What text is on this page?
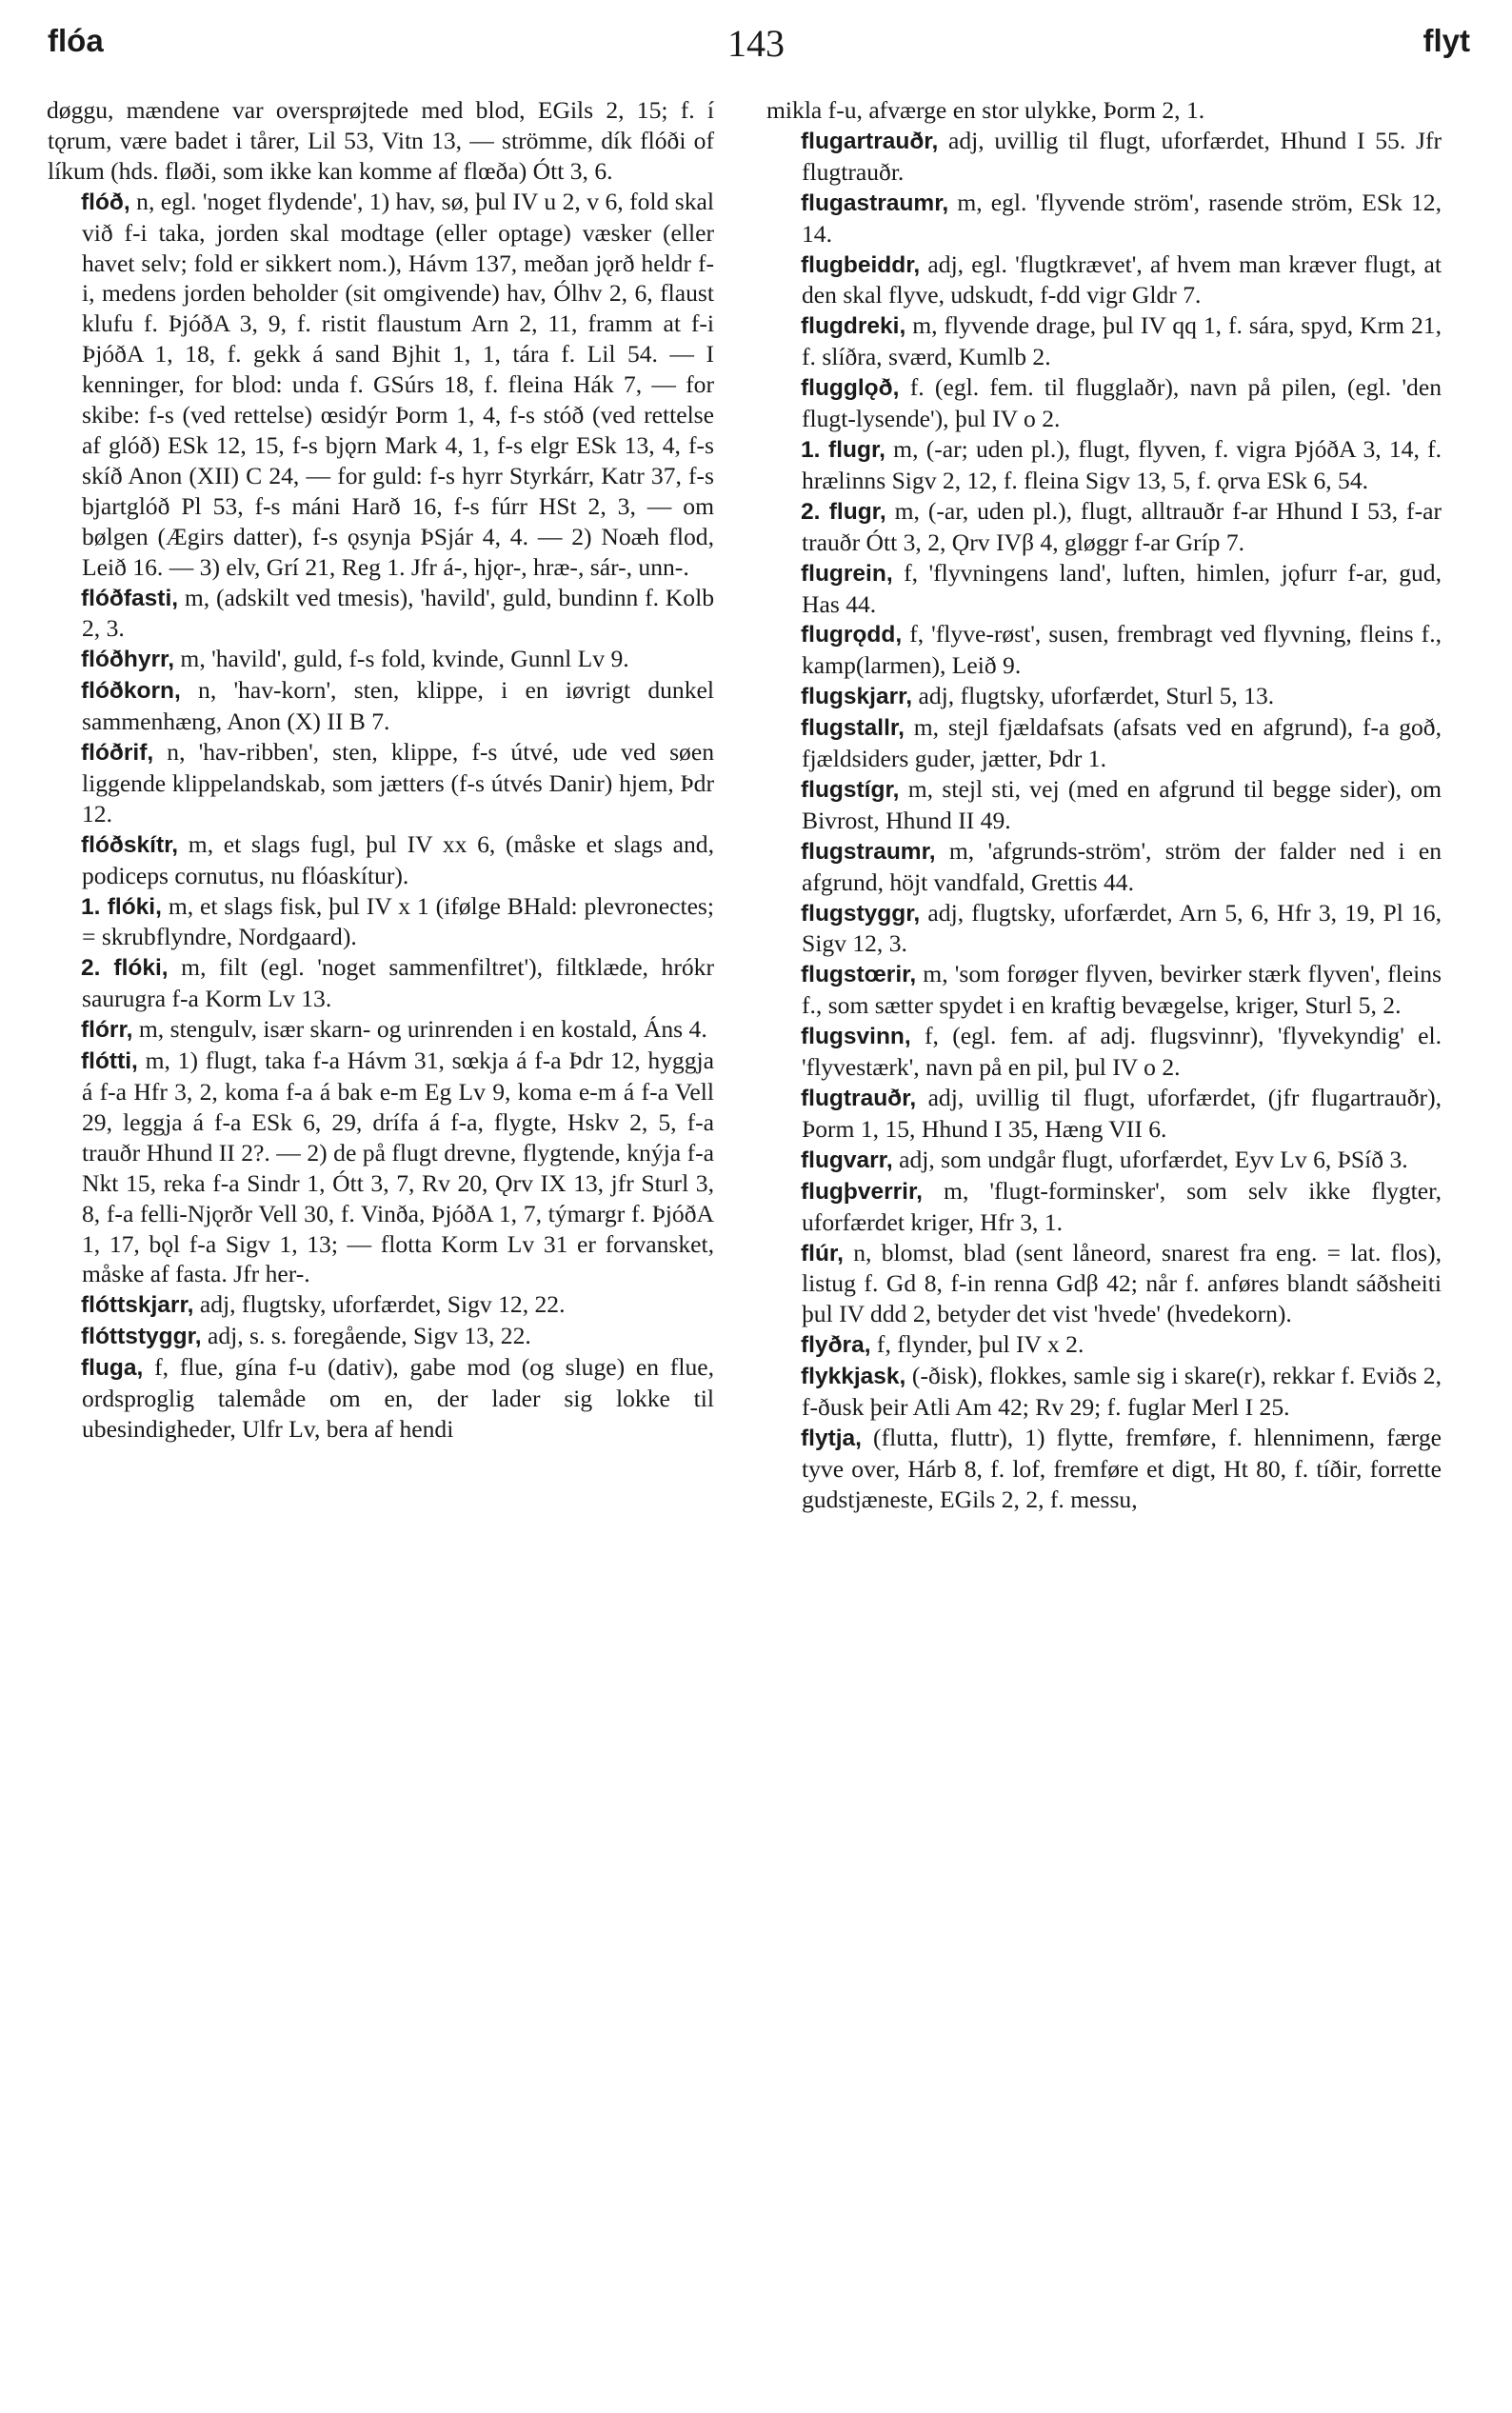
flóa	143	flyt

døggu, mændene var oversprøjtede med blod, EGils 2, 15; f. í tǫrum, være badet i tårer, Lil 53, Vitn 13, — strömme, dík flóði of líkum (hds. fløði, som ikke kan komme af flœða) Ótt 3, 6.

flóð, n, egl. 'noget flydende', 1) hav, sø, þul IV u 2, v 6, fold skal við f-i taka, jorden skal modtage (eller optage) væsker (eller havet selv; fold er sikkert nom.), Hávm 137, meðan jǫrð heldr f-i, medens jorden beholder (sit omgivende) hav, Ólhv 2, 6, flaust klufu f. ÞjóðA 3, 9, f. ristit flaustum Arn 2, 11, framm at f-i ÞjóðA 1, 18, f. gekk á sand Bjhit 1, 1, tára f. Lil 54. — I kenninger, for blod: unda f. GSúrs 18, f. fleina Hák 7, — for skibe: f-s (ved rettelse) œsidýr Þorm 1, 4, f-s stóð (ved rettelse af glóð) ESk 12, 15, f-s bjǫrn Mark 4, 1, f-s elgr ESk 13, 4, f-s skíð Anon (XII) C 24, — for guld: f-s hyrr Styrkárr, Katr 37, f-s bjartglóð Pl 53, f-s máni Harð 16, f-s fúrr HSt 2, 3, — om bølgen (Ægirs datter), f-s ǫsynja ÞSjár 4, 4. — 2) Noæh flod, Leið 16. — 3) elv, Grí 21, Reg 1. Jfr á-, hjǫr-, hræ-, sár-, unn-.

flóðfasti, m, (adskilt ved tmesis), 'havild', guld, bundinn f. Kolb 2, 3.

flóðhyrr, m, 'havild', guld, f-s fold, kvinde, Gunnl Lv 9.

flóðkorn, n, 'hav-korn', sten, klippe, i en iøvrigt dunkel sammenhæng, Anon (X) II B 7.

flóðrif, n, 'hav-ribben', sten, klippe, f-s útvé, ude ved søen liggende klippelandskab, som jætters (f-s útvés Danir) hjem, Þdr 12.

flóðskítr, m, et slags fugl, þul IV xx 6, (måske et slags and, podiceps cornutus, nu flóaskítur).

1. flóki, m, et slags fisk, þul IV x 1 (ifølge BHald: plevronectes; = skrubflyndre, Nordgaard).

2. flóki, m, filt (egl. 'noget sammenfiltret'), filtklæde, hrókr saurugra f-a Korm Lv 13.

flórr, m, stengulv, især skarn- og urinrenden i en kostald, Áns 4.

flótti, m, 1) flugt, taka f-a Hávm 31, sœkja á f-a Þdr 12, hyggja á f-a Hfr 3, 2, koma f-a á bak e-m Eg Lv 9, koma e-m á f-a Vell 29, leggja á f-a ESk 6, 29, drífa á f-a, flygte, Hskv 2, 5, f-a trauðr Hhund II 2?. — 2) de på flugt drevne, flygtende, knýja f-a Nkt 15, reka f-a Sindr 1, Ótt 3, 7, Rv 20, Ǫrv IX 13, jfr Sturl 3, 8, f-a felli-Njǫrðr Vell 30, f. Vinða, ÞjóðA 1, 7, týmargr f. ÞjóðA 1, 17, bǫl f-a Sigv 1, 13; — flotta Korm Lv 31 er forvansket, måske af fasta. Jfr her-.

flóttskjarr, adj, flugtsky, uforfærdet, Sigv 12, 22.

flóttstyggr, adj, s. s. foregående, Sigv 13, 22.

fluga, f, flue, gína f-u (dativ), gabe mod (og sluge) en flue, ordsproglig talemåde om en, der lader sig lokke til ubesindigheder, Ulfr Lv, bera af hendi

mikla f-u, afværge en stor ulykke, Þorm 2, 1.

flugartrauðr, adj, uvillig til flugt, uforfærdet, Hhund I 55. Jfr flugtrauðr.

flugastraumr, m, egl. 'flyvende ström', rasende ström, ESk 12, 14.

flugbeiddr, adj, egl. 'flugtkrævet', af hvem man kræver flugt, at den skal flyve, udskudt, f-dd vigr Gldr 7.

flugdreki, m, flyvende drage, þul IV qq 1, f. sára, spyd, Krm 21, f. slíðra, sværd, Kumlb 2.

flugglǫð, f. (egl. fem. til flugglaðr), navn på pilen, (egl. 'den flugt-lysende'), þul IV o 2.

1. flugr, m, (-ar; uden pl.), flugt, flyven, f. vigra ÞjóðA 3, 14, f. hrælinns Sigv 2, 12, f. fleina Sigv 13, 5, f. ǫrva ESk 6, 54.

2. flugr, m, (-ar, uden pl.), flugt, alltrauðr f-ar Hhund I 53, f-ar trauðr Ótt 3, 2, Ǫrv IVβ 4, gløggr f-ar Gríp 7.

flugrein, f, 'flyvningens land', luften, himlen, jǫfurr f-ar, gud, Has 44.

flugrǫdd, f, 'flyve-røst', susen, frembragt ved flyvning, fleins f., kamp(larmen), Leið 9.

flugskjarr, adj, flugtsky, uforfærdet, Sturl 5, 13.

flugstallr, m, stejl fjældafsats (afsats ved en afgrund), f-a goð, fjældsiders guder, jætter, Þdr 1.

flugstígr, m, stejl sti, vej (med en afgrund til begge sider), om Bivrost, Hhund II 49.

flugstraumr, m, 'afgrunds-ström', ström der falder ned i en afgrund, höjt vandfald, Grettis 44.

flugstyggr, adj, flugtsky, uforfærdet, Arn 5, 6, Hfr 3, 19, Pl 16, Sigv 12, 3.

flugstœrir, m, 'som forøger flyven, bevirker stærk flyven', fleins f., som sætter spydet i en kraftig bevægelse, kriger, Sturl 5, 2.

flugsvinn, f, (egl. fem. af adj. flugsvinnr), 'flyvekyndig' el. 'flyvestærk', navn på en pil, þul IV o 2.

flugtrauðr, adj, uvillig til flugt, uforfærdet, (jfr flugartrauðr), Þorm 1, 15, Hhund I 35, Hæng VII 6.

flugvarr, adj, som undgår flugt, uforfærdet, Eyv Lv 6, ÞSíð 3.

flugþverrir, m, 'flugt-forminsker', som selv ikke flygter, uforfærdet kriger, Hfr 3, 1.

flúr, n, blomst, blad (sent låneord, snarest fra eng. = lat. flos), listug f. Gd 8, f-in renna Gdβ 42; når f. anføres blandt sáðsheiti þul IV ddd 2, betyder det vist 'hvede' (hvedekorn).

flyðra, f, flynder, þul IV x 2.

flykkjask, (-ðisk), flokkes, samle sig i skare(r), rekkar f. Eviðs 2, f-ðusk þeir Atli Am 42; Rv 29; f. fuglar Merl I 25.

flytja, (flutta, fluttr), 1) flytte, fremføre, f. hlennimenn, færge tyve over, Hárb 8, f. lof, fremføre et digt, Ht 80, f. tíðir, forrette gudstjæneste, EGils 2, 2, f. messu,
